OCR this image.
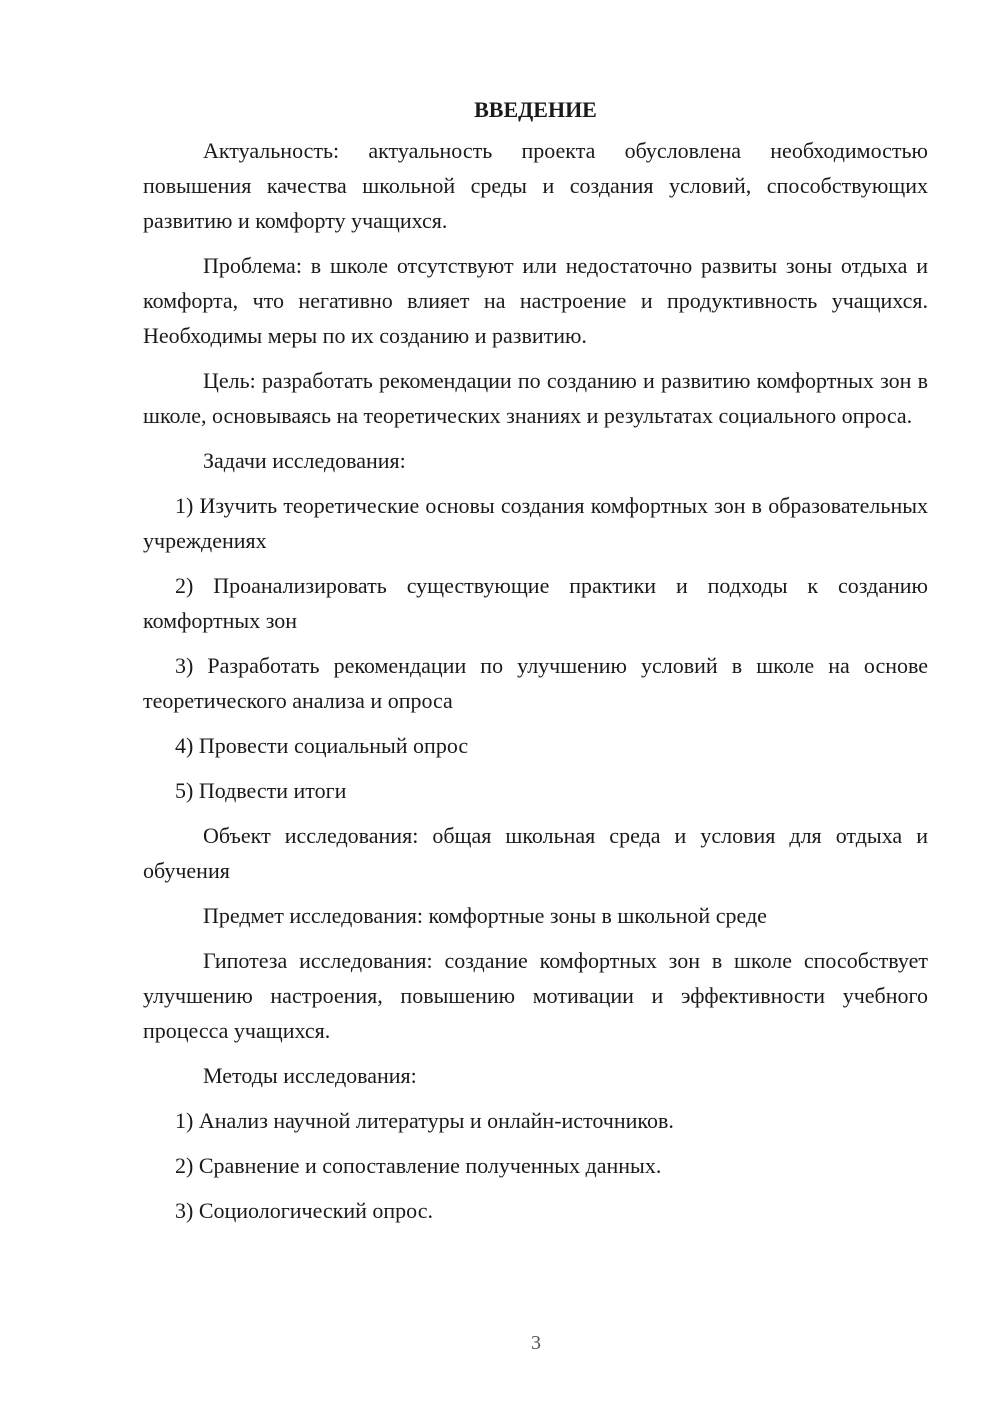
ВВЕДЕНИЕ

Актуальность: актуальность проекта обусловлена необходимостью повышения качества школьной среды и создания условий, способствующих развитию и комфорту учащихся.

Проблема: в школе отсутствуют или недостаточно развиты зоны отдыха и комфорта, что негативно влияет на настроение и продуктивность учащихся. Необходимы меры по их созданию и развитию.

Цель: разработать рекомендации по созданию и развитию комфортных зон в школе, основываясь на теоретических знаниях и результатах социального опроса.

Задачи исследования:

1) Изучить теоретические основы создания комфортных зон в образовательных учреждениях

2) Проанализировать существующие практики и подходы к созданию комфортных зон

3) Разработать рекомендации по улучшению условий в школе на основе теоретического анализа и опроса

4) Провести социальный опрос

5) Подвести итоги

Объект исследования: общая школьная среда и условия для отдыха и обучения

Предмет исследования: комфортные зоны в школьной среде

Гипотеза исследования: создание комфортных зон в школе способствует улучшению настроения, повышению мотивации и эффективности учебного процесса учащихся.

Методы исследования:

1) Анализ научной литературы и онлайн-источников.

2) Сравнение и сопоставление полученных данных.

3) Социологический опрос.

3
